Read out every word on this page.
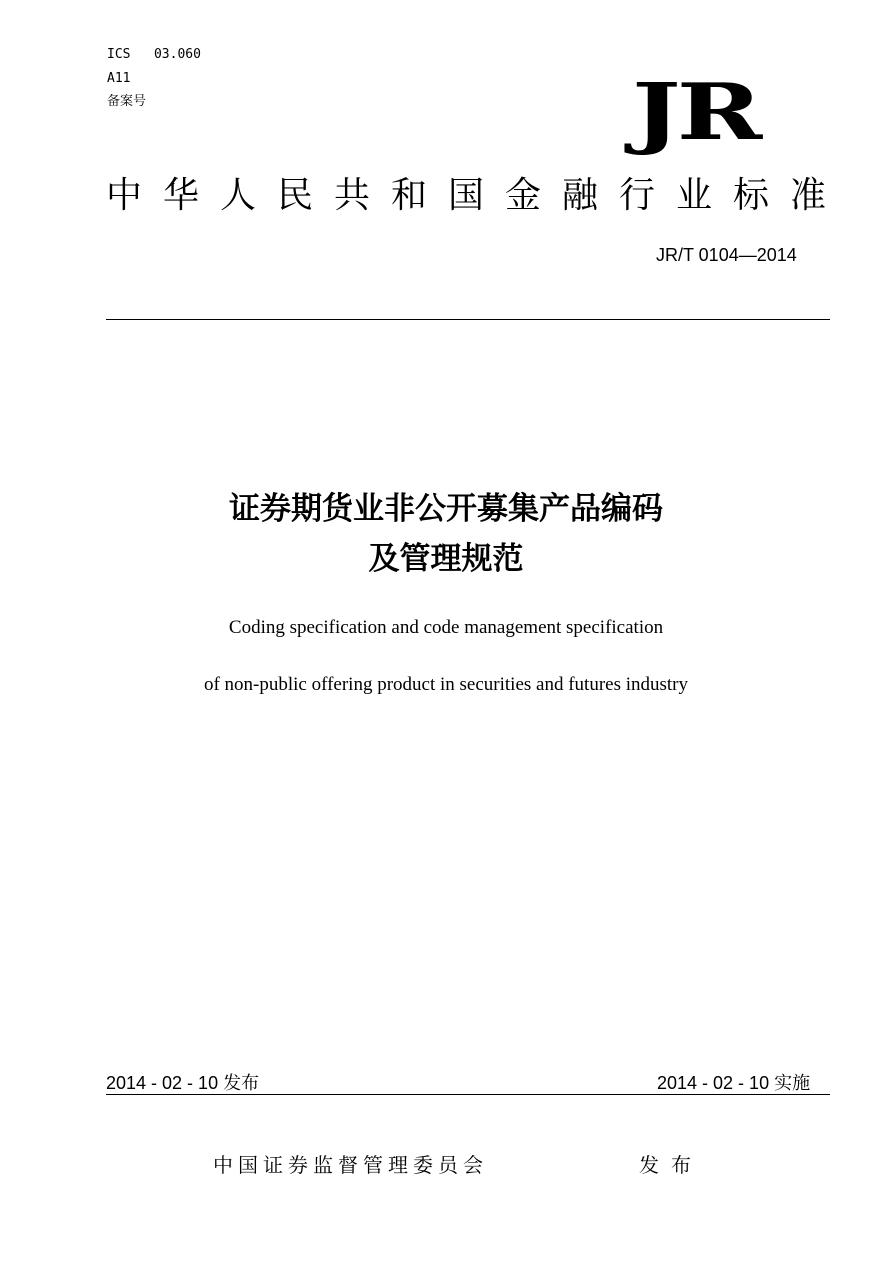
ICS   03.060
A11
备案号	JR
中华人民共和国金融行业标准
JR/T 0104—2014
证券期货业非公开募集产品编码
及管理规范
Coding specification and code management specification
of non-public offering product in securities and futures industry
2014 - 02 - 10 发布	2014 - 02 - 10 实施
中国证券监督管理委员会	发布
